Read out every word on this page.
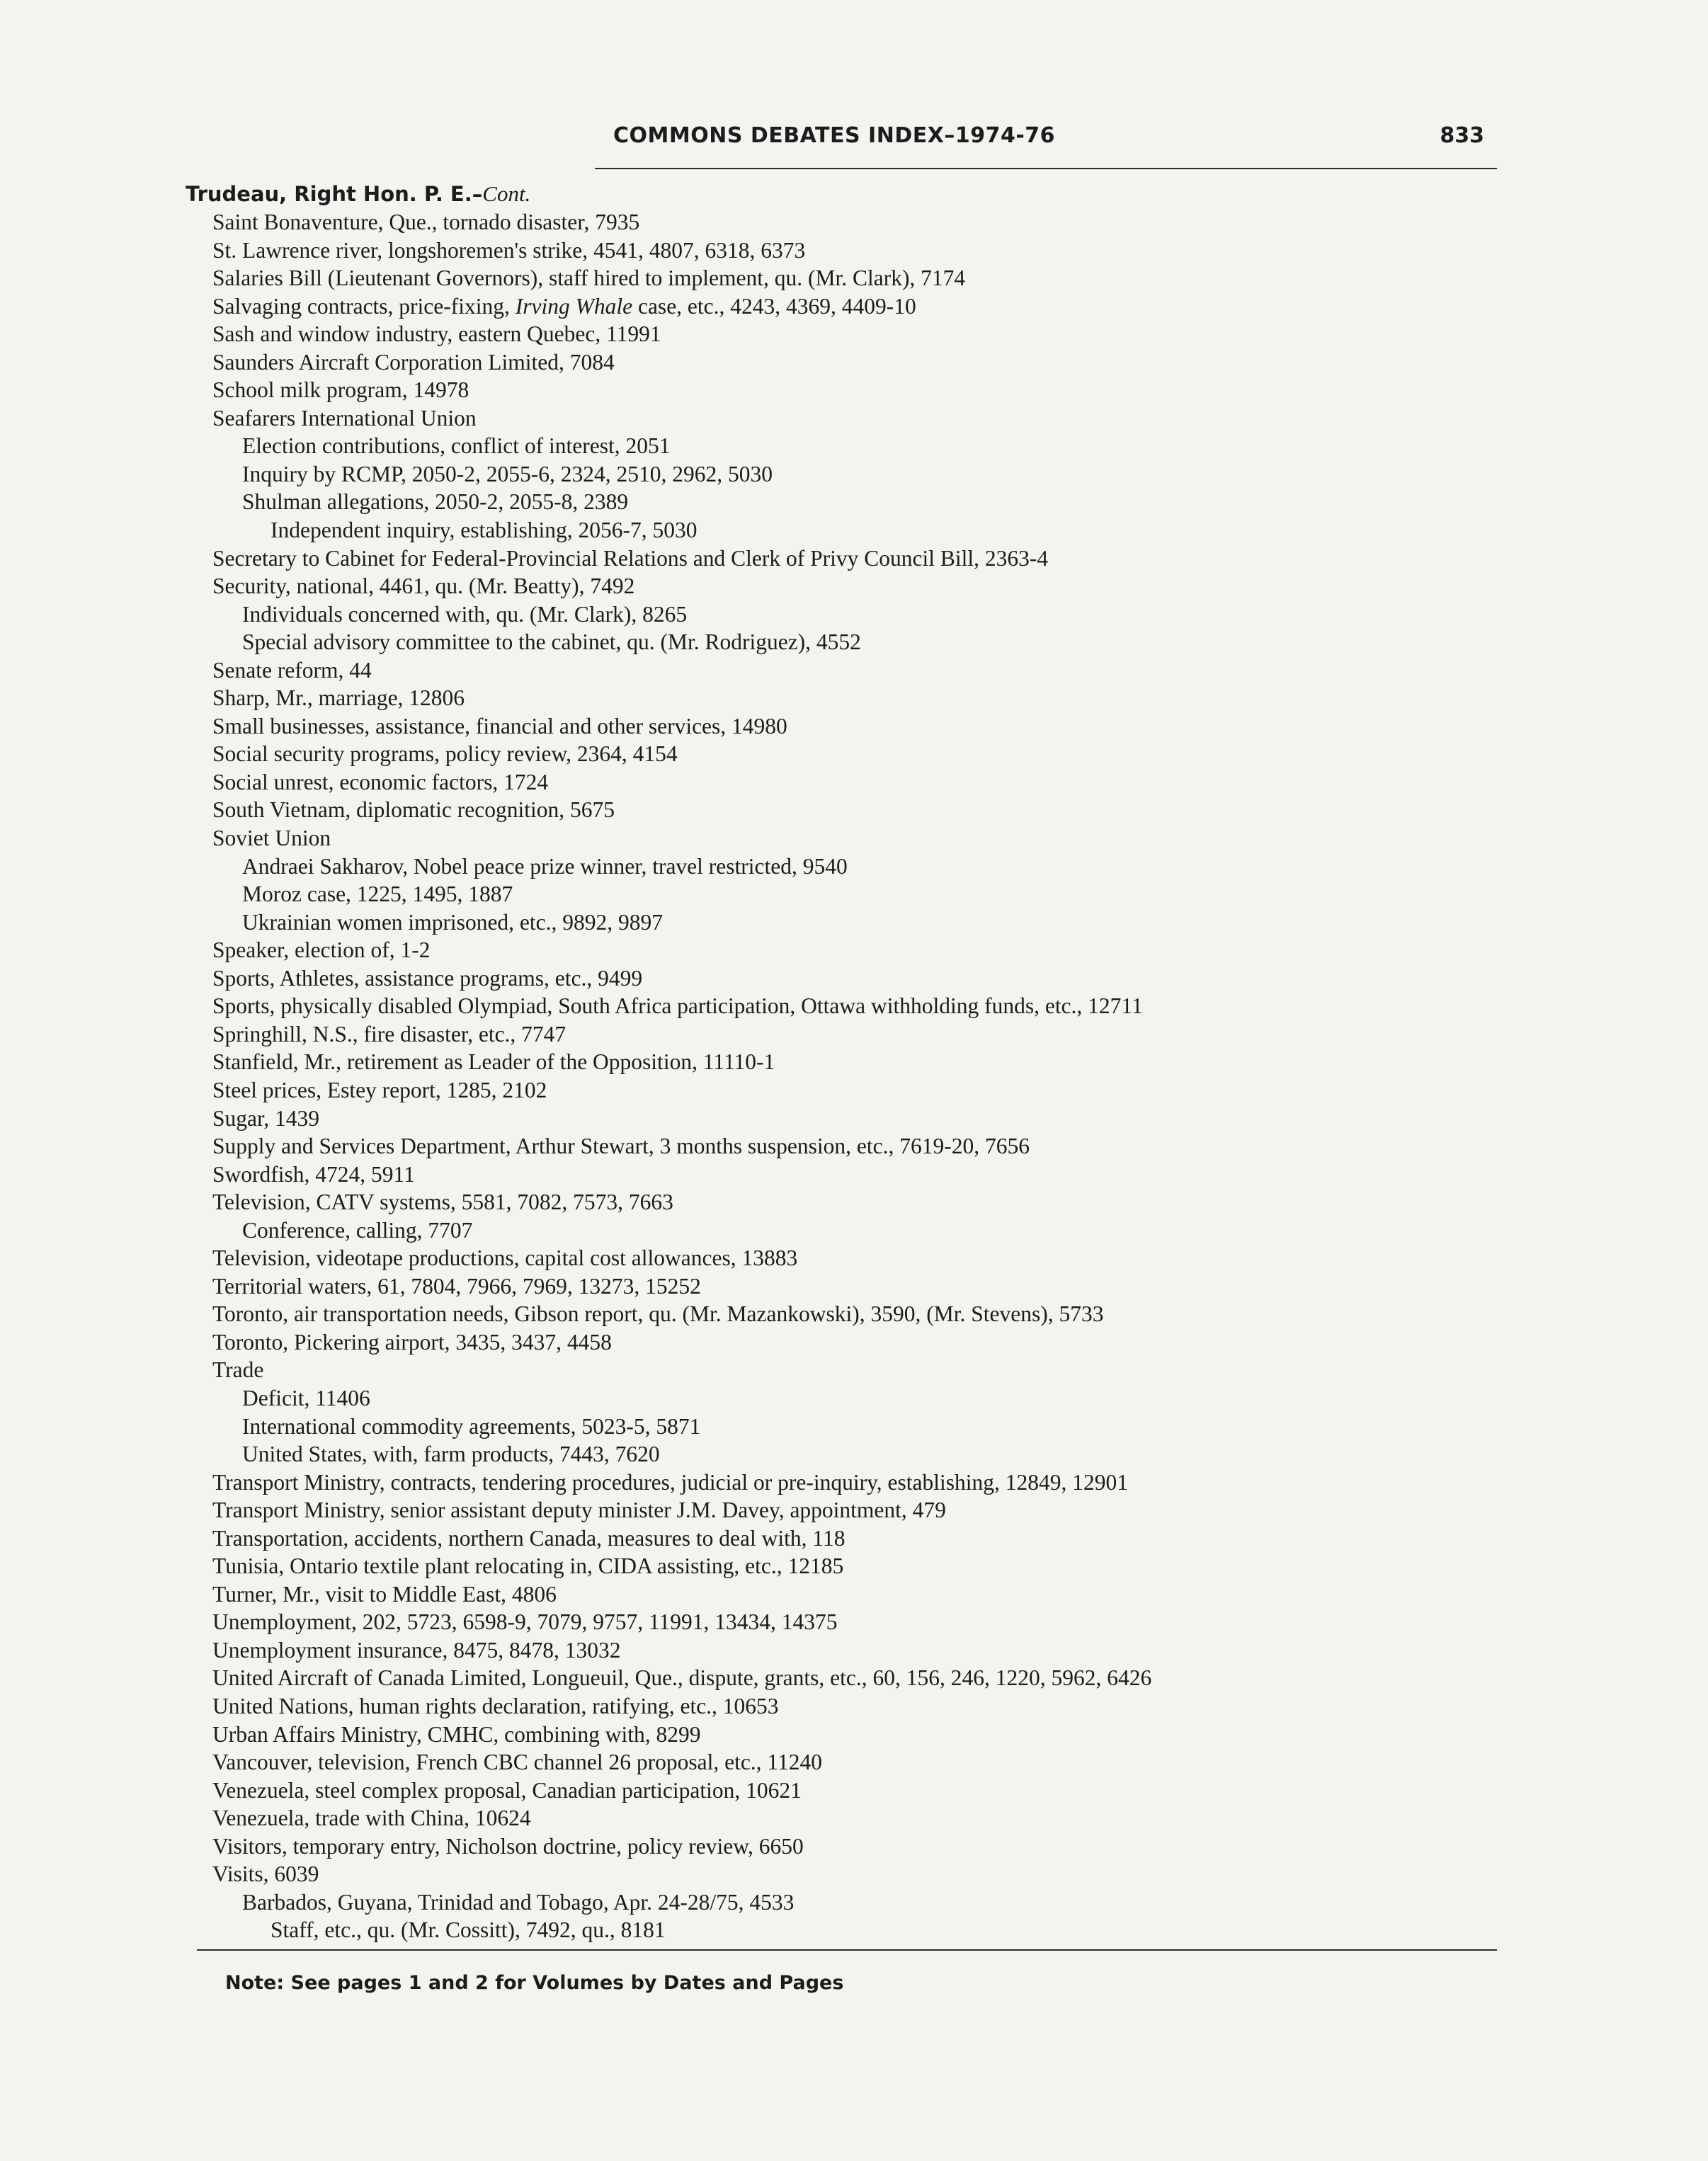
COMMONS DEBATES INDEX–1974-76	833
Trudeau, Right Hon. P. E.–Cont.
Saint Bonaventure, Que., tornado disaster, 7935
St. Lawrence river, longshoremen's strike, 4541, 4807, 6318, 6373
Salaries Bill (Lieutenant Governors), staff hired to implement, qu. (Mr. Clark), 7174
Salvaging contracts, price-fixing, Irving Whale case, etc., 4243, 4369, 4409-10
Sash and window industry, eastern Quebec, 11991
Saunders Aircraft Corporation Limited, 7084
School milk program, 14978
Seafarers International Union
Election contributions, conflict of interest, 2051
Inquiry by RCMP, 2050-2, 2055-6, 2324, 2510, 2962, 5030
Shulman allegations, 2050-2, 2055-8, 2389
Independent inquiry, establishing, 2056-7, 5030
Secretary to Cabinet for Federal-Provincial Relations and Clerk of Privy Council Bill, 2363-4
Security, national, 4461, qu. (Mr. Beatty), 7492
Individuals concerned with, qu. (Mr. Clark), 8265
Special advisory committee to the cabinet, qu. (Mr. Rodriguez), 4552
Senate reform, 44
Sharp, Mr., marriage, 12806
Small businesses, assistance, financial and other services, 14980
Social security programs, policy review, 2364, 4154
Social unrest, economic factors, 1724
South Vietnam, diplomatic recognition, 5675
Soviet Union
Andraei Sakharov, Nobel peace prize winner, travel restricted, 9540
Moroz case, 1225, 1495, 1887
Ukrainian women imprisoned, etc., 9892, 9897
Speaker, election of, 1-2
Sports, Athletes, assistance programs, etc., 9499
Sports, physically disabled Olympiad, South Africa participation, Ottawa withholding funds, etc., 12711
Springhill, N.S., fire disaster, etc., 7747
Stanfield, Mr., retirement as Leader of the Opposition, 11110-1
Steel prices, Estey report, 1285, 2102
Sugar, 1439
Supply and Services Department, Arthur Stewart, 3 months suspension, etc., 7619-20, 7656
Swordfish, 4724, 5911
Television, CATV systems, 5581, 7082, 7573, 7663
Conference, calling, 7707
Television, videotape productions, capital cost allowances, 13883
Territorial waters, 61, 7804, 7966, 7969, 13273, 15252
Toronto, air transportation needs, Gibson report, qu. (Mr. Mazankowski), 3590, (Mr. Stevens), 5733
Toronto, Pickering airport, 3435, 3437, 4458
Trade
Deficit, 11406
International commodity agreements, 5023-5, 5871
United States, with, farm products, 7443, 7620
Transport Ministry, contracts, tendering procedures, judicial or pre-inquiry, establishing, 12849, 12901
Transport Ministry, senior assistant deputy minister J.M. Davey, appointment, 479
Transportation, accidents, northern Canada, measures to deal with, 118
Tunisia, Ontario textile plant relocating in, CIDA assisting, etc., 12185
Turner, Mr., visit to Middle East, 4806
Unemployment, 202, 5723, 6598-9, 7079, 9757, 11991, 13434, 14375
Unemployment insurance, 8475, 8478, 13032
United Aircraft of Canada Limited, Longueuil, Que., dispute, grants, etc., 60, 156, 246, 1220, 5962, 6426
United Nations, human rights declaration, ratifying, etc., 10653
Urban Affairs Ministry, CMHC, combining with, 8299
Vancouver, television, French CBC channel 26 proposal, etc., 11240
Venezuela, steel complex proposal, Canadian participation, 10621
Venezuela, trade with China, 10624
Visitors, temporary entry, Nicholson doctrine, policy review, 6650
Visits, 6039
Barbados, Guyana, Trinidad and Tobago, Apr. 24-28/75, 4533
Staff, etc., qu. (Mr. Cossitt), 7492, qu., 8181
Note: See pages 1 and 2 for Volumes by Dates and Pages
